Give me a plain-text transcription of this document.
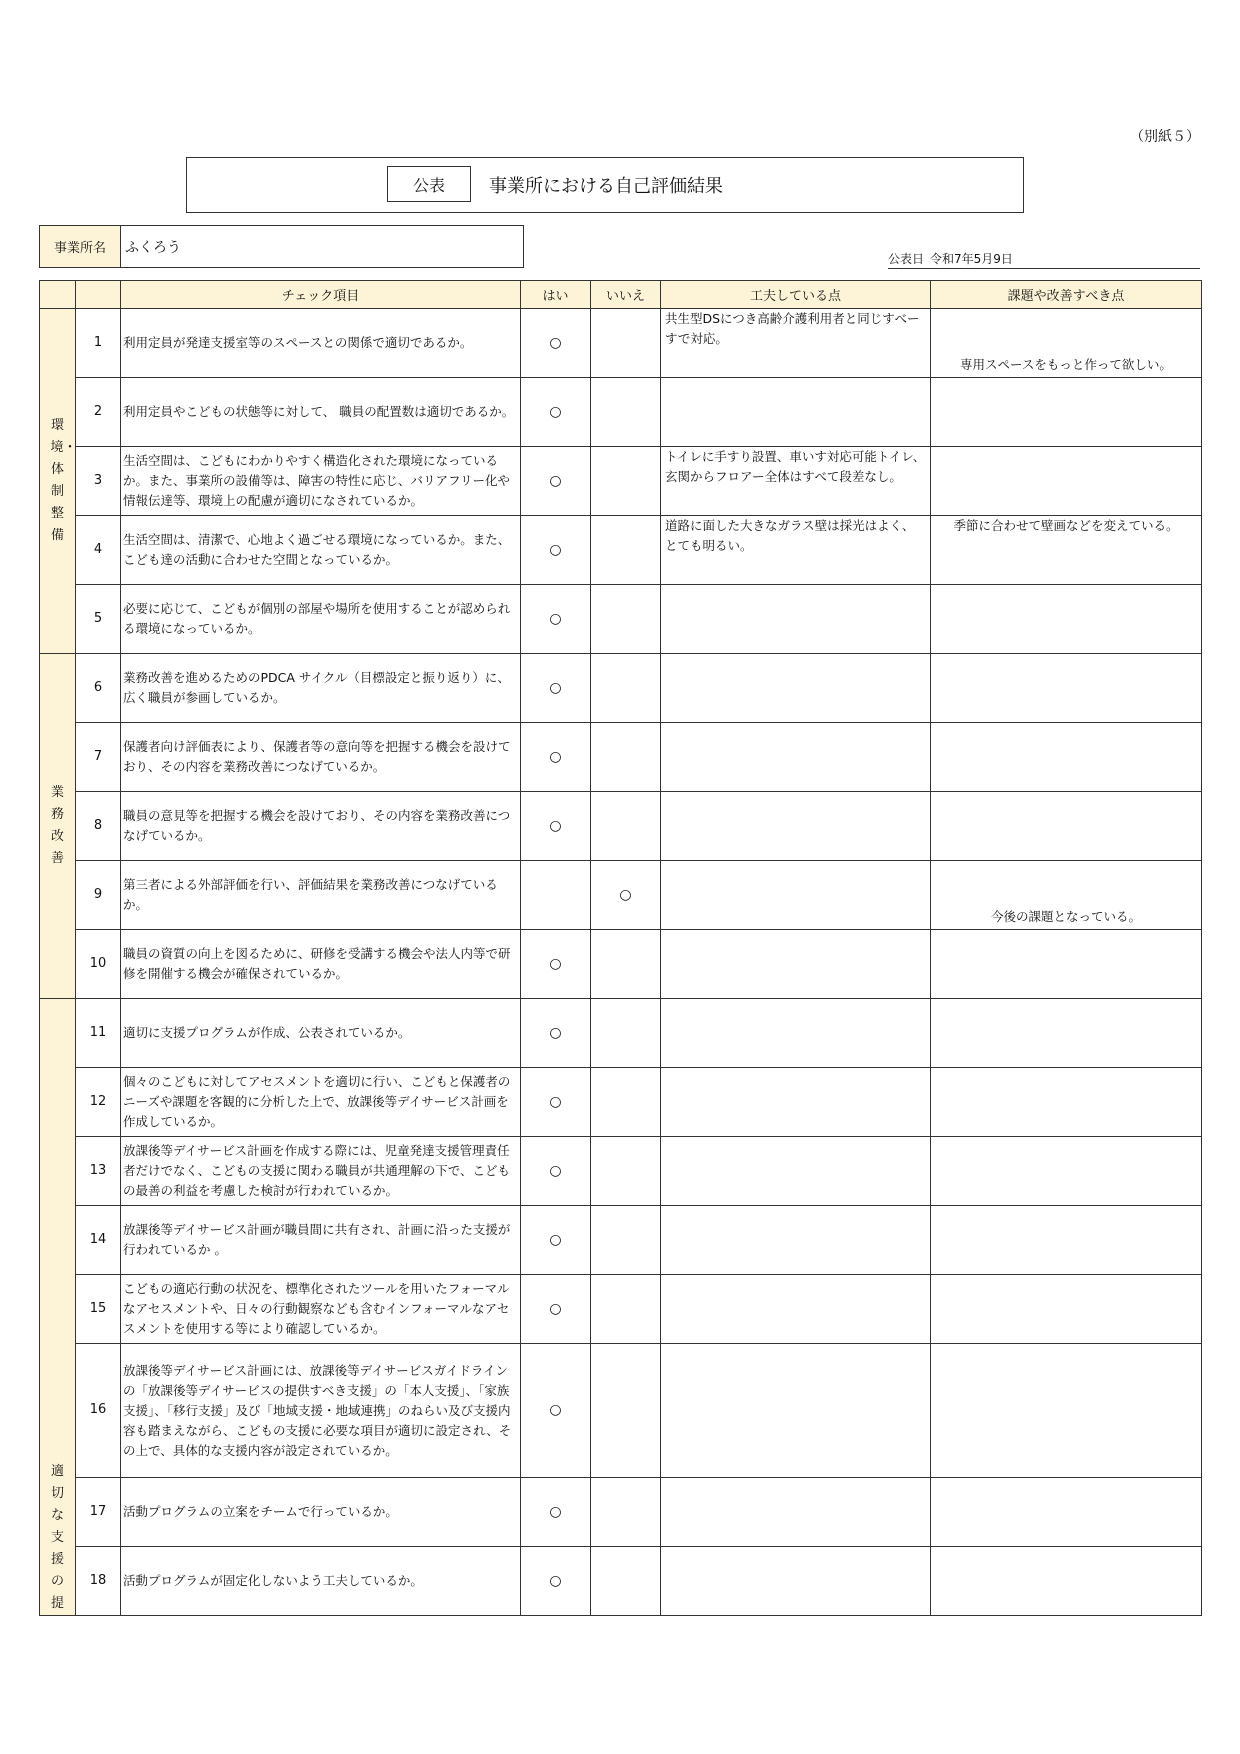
（別紙５）
公表	事業所における自己評価結果
事業所名	ふくろう
公表日 令和7年5月9日
		チェック項目	はい	いいえ	工夫している点	課題や改善すべき点
環境・体制整備	1	利用定員が発達支援室等のスペースとの関係で適切であるか。	○		共生型DSにつき高齢介護利用者と同じすべーすで対応。	専用スペースをもっと作って欲しい。
	2	利用定員やこどもの状態等に対して、 職員の配置数は適切であるか。	○			
	3	生活空間は、こどもにわかりやすく構造化された環境になっているか。また、事業所の設備等は、障害の特性に応じ、バリアフリー化や情報伝達等、環境上の配慮が適切になされているか。	○		トイレに手すり設置、車いす対応可能トイレ、玄関からフロアー全体はすべて段差なし。	
	4	生活空間は、清潔で、心地よく過ごせる環境になっているか。また、こども達の活動に合わせた空間となっているか。	○		道路に面した大きなガラス壁は採光はよく、とても明るい。	季節に合わせて壁画などを変えている。
	5	必要に応じて、こどもが個別の部屋や場所を使用することが認められる環境になっているか。	○			
業務改善	6	業務改善を進めるためのPDCA サイクル（目標設定と振り返り）に、広く職員が参画しているか。	○			
	7	保護者向け評価表により、保護者等の意向等を把握する機会を設けており、その内容を業務改善につなげているか。	○			
	8	職員の意見等を把握する機会を設けており、その内容を業務改善につなげているか。	○			
	9	第三者による外部評価を行い、評価結果を業務改善につなげているか。		○		今後の課題となっている。
	10	職員の資質の向上を図るために、研修を受講する機会や法人内等で研修を開催する機会が確保されているか。	○			
適切な支援の提	11	適切に支援プログラムが作成、公表されているか。	○			
	12	個々のこどもに対してアセスメントを適切に行い、こどもと保護者のニーズや課題を客観的に分析した上で、放課後等デイサービス計画を作成しているか。	○			
	13	放課後等デイサービス計画を作成する際には、児童発達支援管理責任者だけでなく、こどもの支援に関わる職員が共通理解の下で、こどもの最善の利益を考慮した検討が行われているか。	○			
	14	放課後等デイサービス計画が職員間に共有され、計画に沿った支援が行われているか 。	○			
	15	こどもの適応行動の状況を、標準化されたツールを用いたフォーマルなアセスメントや、日々の行動観察なども含むインフォーマルなアセスメントを使用する等により確認しているか。	○			
	16	放課後等デイサービス計画には、放課後等デイサービスガイドラインの「放課後等デイサービスの提供すべき支援」の「本人支援」、「家族支援」、「移行支援」及び「地域支援・地域連携」のねらい及び支援内容も踏まえながら、こどもの支援に必要な項目が適切に設定され、その上で、具体的な支援内容が設定されているか。	○			
	17	活動プログラムの立案をチームで行っているか。	○			
	18	活動プログラムが固定化しないよう工夫しているか。	○			
